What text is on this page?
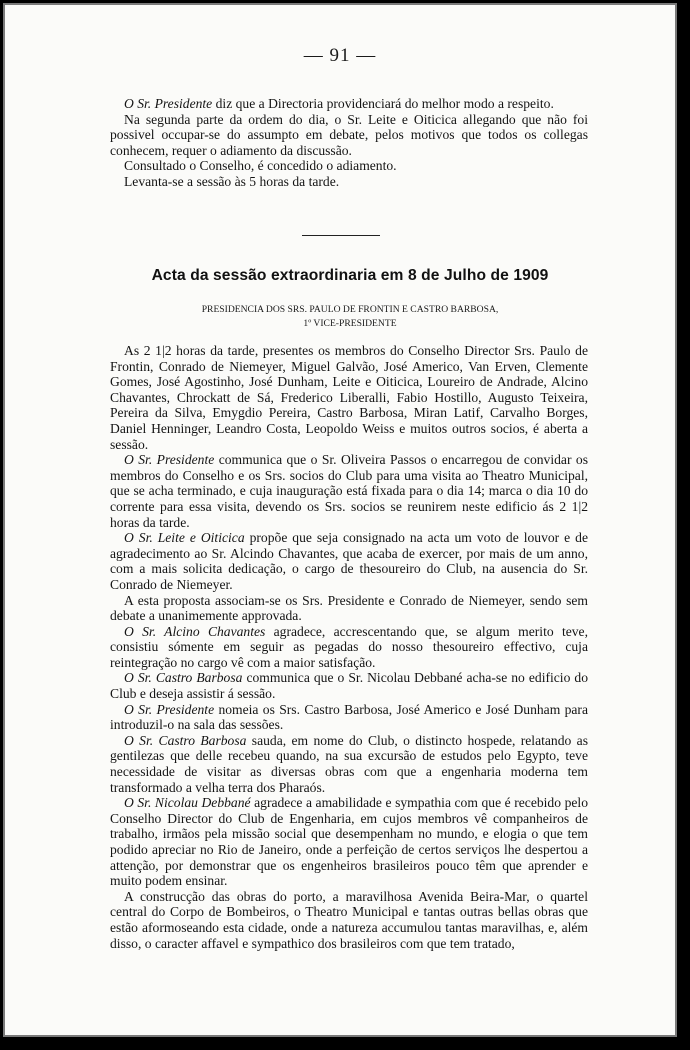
— 91 —

O Sr. Presidente diz que a Directoria providenciará do melhor modo a respeito.

Na segunda parte da ordem do dia, o Sr. Leite e Oiticica allegando que não foi possivel occupar-se do assumpto em debate, pelos motivos que todos os collegas conhecem, requer o adiamento da discussão.

Consultado o Conselho, é concedido o adiamento.

Levanta-se a sessão às 5 horas da tarde.

Acta da sessão extraordinaria em 8 de Julho de 1909
PRESIDENCIA DOS SRS. PAULO DE FRONTIN E CASTRO BARBOSA,
1º VICE-PRESIDENTE

As 2 1|2 horas da tarde, presentes os membros do Conselho Director Srs. Paulo de Frontin, Conrado de Niemeyer, Miguel Galvão, José Americo, Van Erven, Clemente Gomes, José Agostinho, José Dunham, Leite e Oiticica, Loureiro de Andrade, Alcino Chavantes, Chrockatt de Sá, Frederico Liberalli, Fabio Hostillo, Augusto Teixeira, Pereira da Silva, Emygdio Pereira, Castro Barbosa, Miran Latif, Carvalho Borges, Daniel Henninger, Leandro Costa, Leopoldo Weiss e muitos outros socios, é aberta a sessão.

O Sr. Presidente communica que o Sr. Oliveira Passos o encarregou de convidar os membros do Conselho e os Srs. socios do Club para uma visita ao Theatro Municipal, que se acha terminado, e cuja inauguração está fixada para o dia 14; marca o dia 10 do corrente para essa visita, devendo os Srs. socios se reunirem neste edificio ás 2 1|2 horas da tarde.

O Sr. Leite e Oiticica propõe que seja consignado na acta um voto de louvor e de agradecimento ao Sr. Alcindo Chavantes, que acaba de exercer, por mais de um anno, com a mais solicita dedicação, o cargo de thesoureiro do Club, na ausencia do Sr. Conrado de Niemeyer.

A esta proposta associam-se os Srs. Presidente e Conrado de Niemeyer, sendo sem debate a unanimemente approvada.

O Sr. Alcino Chavantes agradece, accrescentando que, se algum merito teve, consistiu sómente em seguir as pegadas do nosso thesoureiro effectivo, cuja reintegração no cargo vê com a maior satisfação.

O Sr. Castro Barbosa communica que o Sr. Nicolau Debbané acha-se no edificio do Club e deseja assistir á sessão.

O Sr. Presidente nomeia os Srs. Castro Barbosa, José Americo e José Dunham para introduzil-o na sala das sessões.

O Sr. Castro Barbosa sauda, em nome do Club, o distincto hospede, relatando as gentilezas que delle recebeu quando, na sua excursão de estudos pelo Egypto, teve necessidade de visitar as diversas obras com que a engenharia moderna tem transformado a velha terra dos Pharaós.

O Sr. Nicolau Debbané agradece a amabilidade e sympathia com que é recebido pelo Conselho Director do Club de Engenharia, em cujos membros vê companheiros de trabalho, irmãos pela missão social que desempenham no mundo, e elogia o que tem podido apreciar no Rio de Janeiro, onde a perfeição de certos serviços lhe despertou a attenção, por demonstrar que os engenheiros brasileiros pouco têm que aprender e muito podem ensinar.

A construcção das obras do porto, a maravilhosa Avenida Beira-Mar, o quartel central do Corpo de Bombeiros, o Theatro Municipal e tantas outras bellas obras que estão aformoseando esta cidade, onde a natureza accumulou tantas maravilhas, e, além disso, o caracter affavel e sympathico dos brasileiros com que tem tratado,
